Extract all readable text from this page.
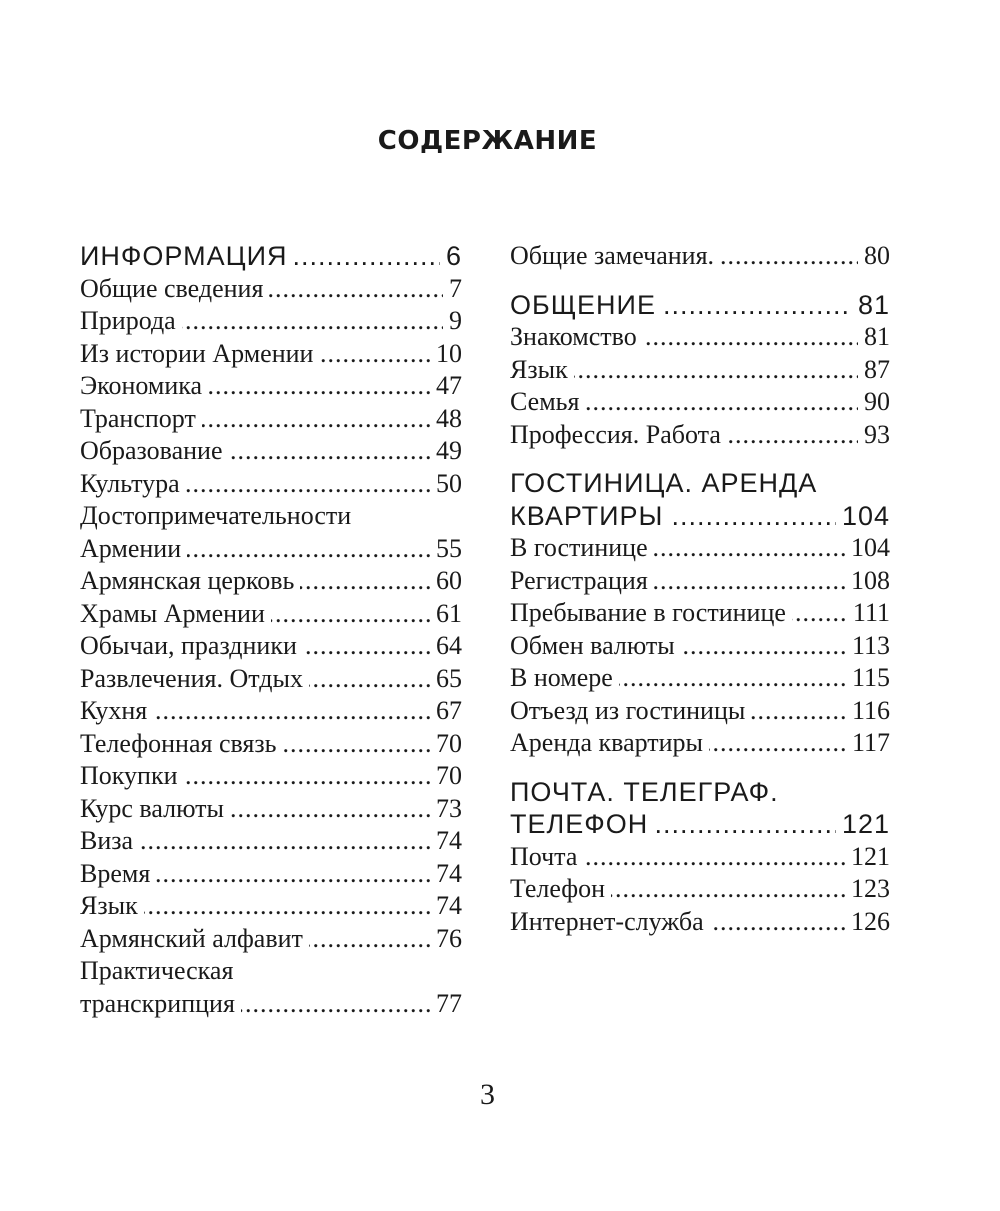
СОДЕРЖАНИЕ
.....
ИНФОРМАЦИЯ	6
.....
Общие сведения	7
.....
Природа	9
.....
Из истории Армении	10
.....
Экономика	47
.....
Транспорт	48
.....
Образование	49
.....
Культура	50
Достопримечательности
.....
Армении	55
.....
Армянская церковь	60
.....
Храмы Армении	61
.....
Обычаи, праздники	64
.....
Развлечения. Отдых	65
.....
Кухня	67
.....
Телефонная связь	70
.....
Покупки	70
.....
Курс валюты	73
.....
Виза	74
.....
Время	74
.....
Язык	74
.....
Армянский алфавит	76
Практическая
.....
транскрипция	77
.....
Общие замечания.	80
.....
ОБЩЕНИЕ	81
.....
Знакомство	81
.....
Язык	87
.....
Семья	90
.....
Профессия. Работа	93
ГОСТИНИЦА. АРЕНДА
.....
КВАРТИРЫ	104
.....
В гостинице	104
.....
Регистрация	108
.....
Пребывание в гостинице	111
.....
Обмен валюты	113
.....
В номере	115
.....
Отъезд из гостиницы	116
.....
Аренда квартиры	117
ПОЧТА. ТЕЛЕГРАФ.
.....
ТЕЛЕФОН	121
.....
Почта	121
.....
Телефон	123
.....
Интернет-служба	126
3
